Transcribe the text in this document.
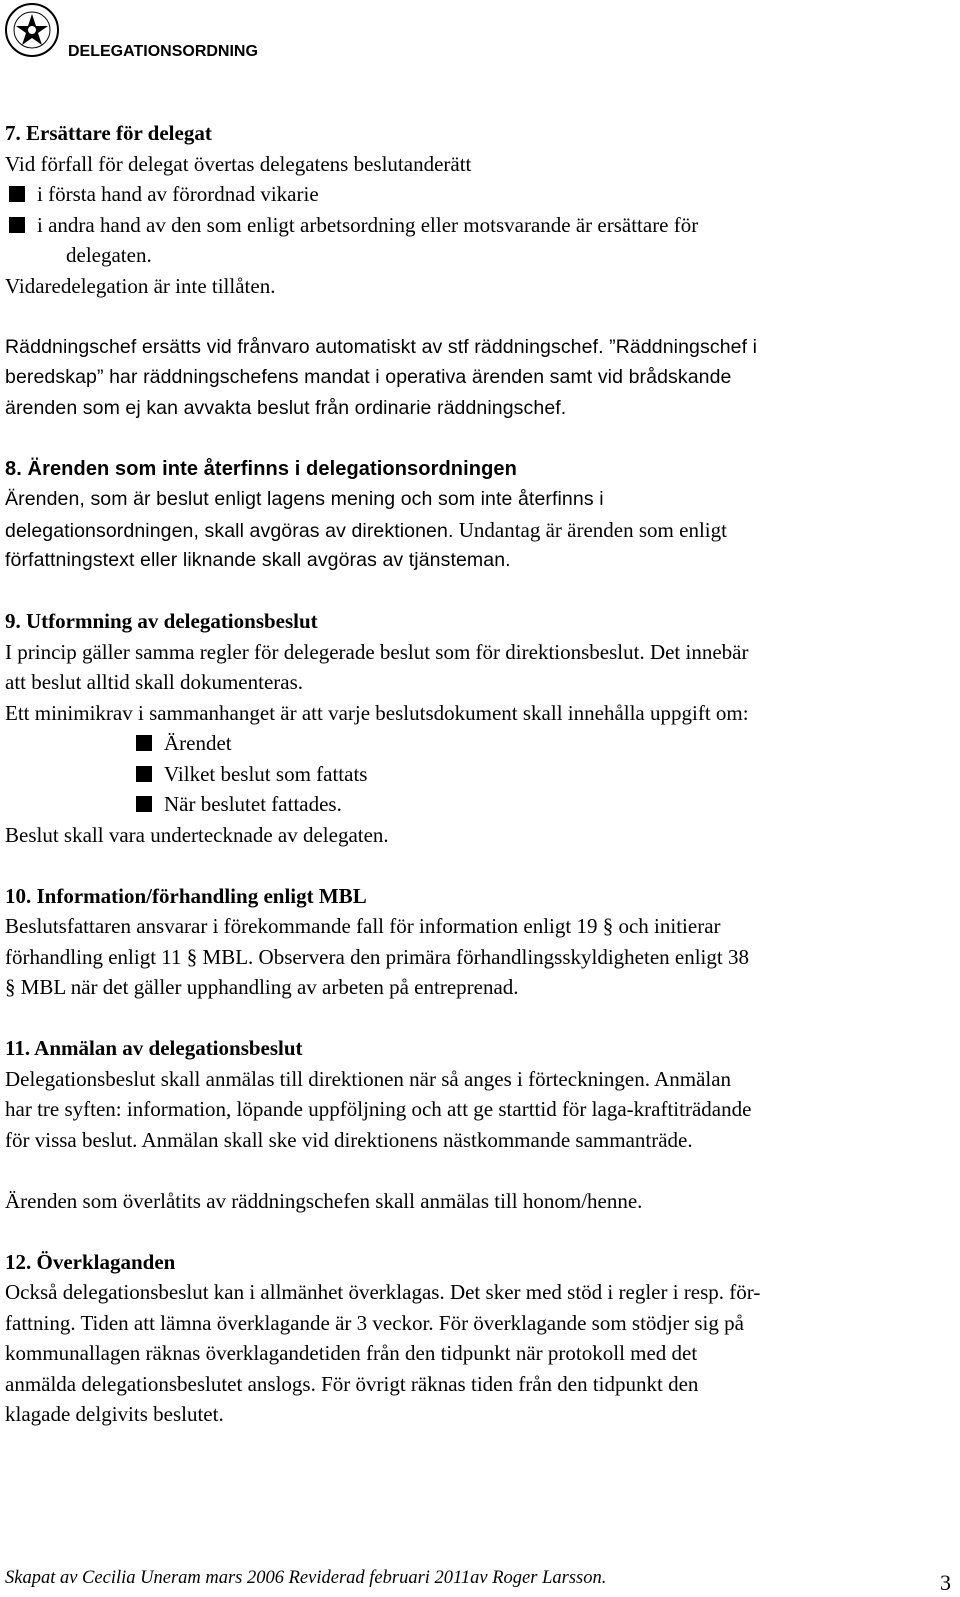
DELEGATIONSORDNING
7. Ersättare för delegat
Vid förfall för delegat övertas delegatens beslutanderätt
i första hand av förordnad vikarie
i andra hand av den som enligt arbetsordning eller motsvarande är ersättare för
delegaten.
Vidaredelegation är inte tillåten.
Räddningschef ersätts vid frånvaro automatiskt av stf räddningschef. ”Räddningschef i
beredskap” har räddningschefens mandat i operativa ärenden samt vid brådskande
ärenden som ej kan avvakta beslut från ordinarie räddningschef.
8. Ärenden som inte återfinns i delegationsordningen
Ärenden, som är beslut enligt lagens mening och som inte återfinns i
delegationsordningen, skall avgöras av direktionen. Undantag är ärenden som enligt
författningstext eller liknande skall avgöras av tjänsteman.
9. Utformning av delegationsbeslut
I princip gäller samma regler för delegerade beslut som för direktionsbeslut. Det innebär
att beslut alltid skall dokumenteras.
Ett minimikrav i sammanhanget är att varje beslutsdokument skall innehålla uppgift om:
Ärendet
Vilket beslut som fattats
När beslutet fattades.
Beslut skall vara undertecknade av delegaten.
10. Information/förhandling enligt MBL
Beslutsfattaren ansvarar i förekommande fall för information enligt 19 § och initierar
förhandling enligt 11 § MBL. Observera den primära förhandlingsskyldigheten enligt 38
§ MBL när det gäller upphandling av arbeten på entreprenad.
11. Anmälan av delegationsbeslut
Delegationsbeslut skall anmälas till direktionen när så anges i förteckningen. Anmälan
har tre syften: information, löpande uppföljning och att ge starttid för laga-kraftiträdande
för vissa beslut. Anmälan skall ske vid direktionens nästkommande sammanträde.
Ärenden som överlåtits av räddningschefen skall anmälas till honom/henne.
12. Överklaganden
Också delegationsbeslut kan i allmänhet överklagas. Det sker med stöd i regler i resp. för-
fattning. Tiden att lämna överklagande är 3 veckor. För överklagande som stödjer sig på
kommunallagen räknas överklagandetiden från den tidpunkt när protokoll med det
anmälda delegationsbeslutet anslogs. För övrigt räknas tiden från den tidpunkt den
klagade delgivits beslutet.
Skapat av Cecilia Uneram mars 2006 Reviderad februari 2011av Roger Larsson.	3
